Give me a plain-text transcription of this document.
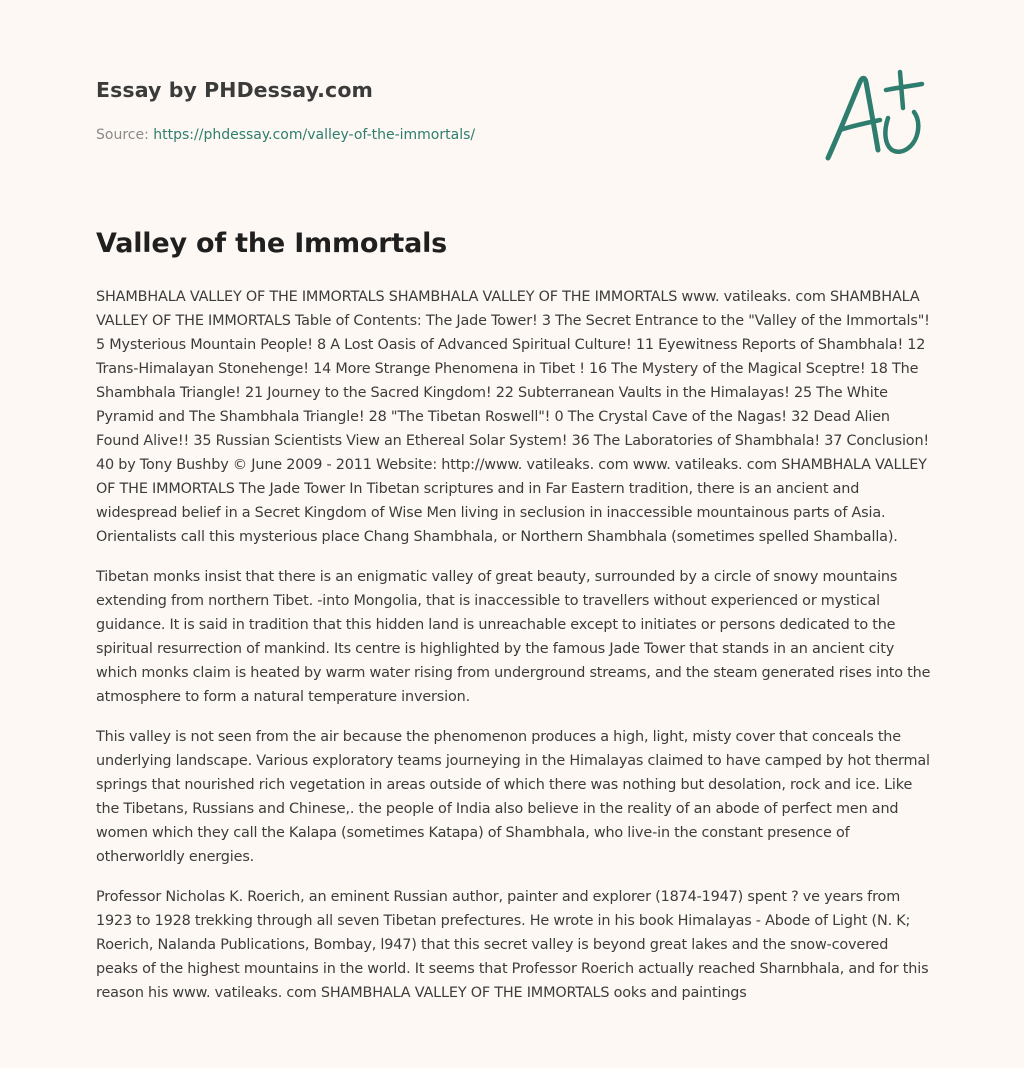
Essay by PHDessay.com
Source: https://phdessay.com/valley-of-the-immortals/
Valley of the Immortals

SHAMBHALA VALLEY OF THE IMMORTALS SHAMBHALA VALLEY OF THE IMMORTALS www. vatileaks. com SHAMBHALA VALLEY OF THE IMMORTALS Table of Contents: The Jade Tower! 3 The Secret Entrance to the "Valley of the Immortals"! 5 Mysterious Mountain People! 8 A Lost Oasis of Advanced Spiritual Culture! 11 Eyewitness Reports of Shambhala! 12 Trans-Himalayan Stonehenge! 14 More Strange Phenomena in Tibet ! 16 The Mystery of the Magical Sceptre! 18 The Shambhala Triangle! 21 Journey to the Sacred Kingdom! 22 Subterranean Vaults in the Himalayas! 25 The White Pyramid and The Shambhala Triangle! 28 "The Tibetan Roswell"! 0 The Crystal Cave of the Nagas! 32 Dead Alien Found Alive!! 35 Russian Scientists View an Ethereal Solar System! 36 The Laboratories of Shambhala! 37 Conclusion! 40 by Tony Bushby © June 2009 - 2011 Website: http://www. vatileaks. com www. vatileaks. com SHAMBHALA VALLEY OF THE IMMORTALS The Jade Tower In Tibetan scriptures and in Far Eastern tradition, there is an ancient and widespread belief in a Secret Kingdom of Wise Men living in seclusion in inaccessible mountainous parts of Asia. Orientalists call this mysterious place Chang Shambhala, or Northern Shambhala (sometimes spelled Shamballa).

Tibetan monks insist that there is an enigmatic valley of great beauty, surrounded by a circle of snowy mountains extending from northern Tibet. -into Mongolia, that is inaccessible to travellers without experienced or mystical guidance. It is said in tradition that this hidden land is unreachable except to initiates or persons dedicated to the spiritual resurrection of mankind. Its centre is highlighted by the famous Jade Tower that stands in an ancient city which monks claim is heated by warm water rising from underground streams, and the steam generated rises into the atmosphere to form a natural temperature inversion.

This valley is not seen from the air because the phenomenon produces a high, light, misty cover that conceals the underlying landscape. Various exploratory teams journeying in the Himalayas claimed to have camped by hot thermal springs that nourished rich vegetation in areas outside of which there was nothing but desolation, rock and ice. Like the Tibetans, Russians and Chinese,. the people of India also believe in the reality of an abode of perfect men and women which they call the Kalapa (sometimes Katapa) of Shambhala, who live-in the constant presence of otherworldly energies.

Professor Nicholas K. Roerich, an eminent Russian author, painter and explorer (1874-1947) spent ? ve years from 1923 to 1928 trekking through all seven Tibetan prefectures. He wrote in his book Himalayas - Abode of Light (N. K; Roerich, Nalanda Publications, Bombay, l947) that this secret valley is beyond great lakes and the snow-covered peaks of the highest mountains in the world. It seems that Professor Roerich actually reached Sharnbhala, and for this reason his www. vatileaks. com SHAMBHALA VALLEY OF THE IMMORTALS ooks and paintings
